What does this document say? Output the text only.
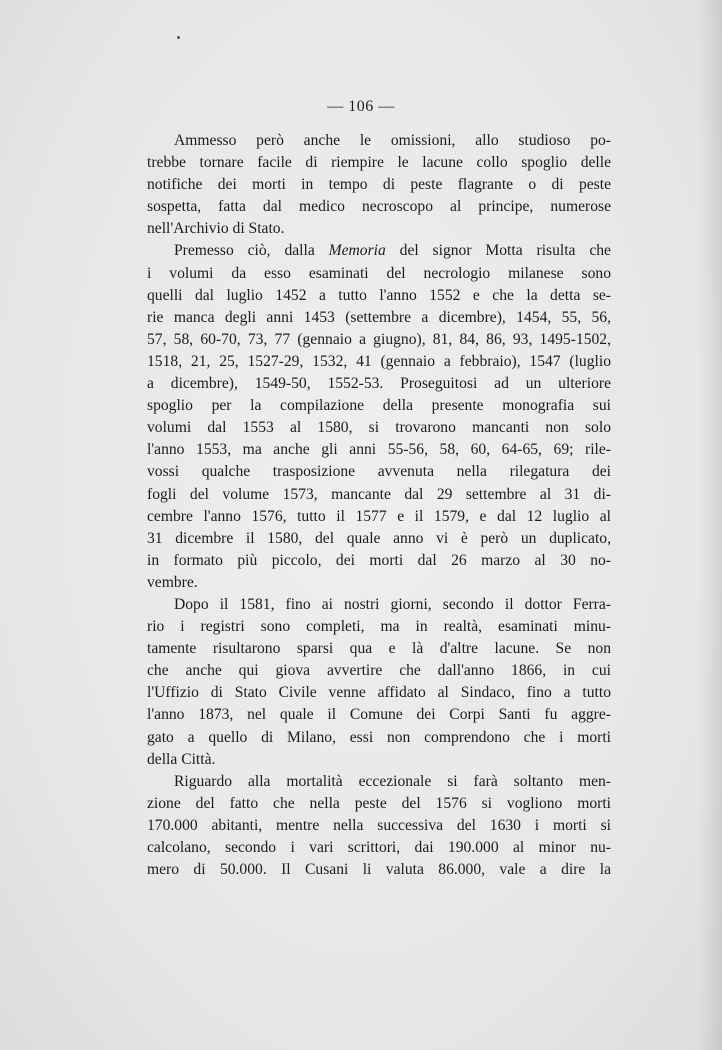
— 106 —
Ammesso però anche le omissioni, allo studioso po-
trebbe tornare facile di riempire le lacune collo spoglio delle
notifiche dei morti in tempo di peste flagrante o di peste
sospetta, fatta dal medico necroscopo al principe, numerose
nell'Archivio di Stato.
Premesso ciò, dalla Memoria del signor Motta risulta che
i volumi da esso esaminati del necrologio milanese sono
quelli dal luglio 1452 a tutto l'anno 1552 e che la detta se-
rie manca degli anni 1453 (settembre a dicembre), 1454, 55, 56,
57, 58, 60-70, 73, 77 (gennaio a giugno), 81, 84, 86, 93, 1495-1502,
1518, 21, 25, 1527-29, 1532, 41 (gennaio a febbraio), 1547 (luglio
a dicembre), 1549-50, 1552-53. Proseguitosi ad un ulteriore
spoglio per la compilazione della presente monografia sui
volumi dal 1553 al 1580, si trovarono mancanti non solo
l'anno 1553, ma anche gli anni 55-56, 58, 60, 64-65, 69; rile-
vossi qualche trasposizione avvenuta nella rilegatura dei
fogli del volume 1573, mancante dal 29 settembre al 31 di-
cembre l'anno 1576, tutto il 1577 e il 1579, e dal 12 luglio al
31 dicembre il 1580, del quale anno vi è però un duplicato,
in formato più piccolo, dei morti dal 26 marzo al 30 no-
vembre.
Dopo il 1581, fino ai nostri giorni, secondo il dottor Ferra-
rio i registri sono completi, ma in realtà, esaminati minu-
tamente risultarono sparsi qua e là d'altre lacune. Se non
che anche qui giova avvertire che dall'anno 1866, in cui
l'Uffizio di Stato Civile venne affidato al Sindaco, fino a tutto
l'anno 1873, nel quale il Comune dei Corpi Santi fu aggre-
gato a quello di Milano, essi non comprendono che i morti
della Città.
Riguardo alla mortalità eccezionale si farà soltanto men-
zione del fatto che nella peste del 1576 si vogliono morti
170.000 abitanti, mentre nella successiva del 1630 i morti si
calcolano, secondo i vari scrittori, dai 190.000 al minor nu-
mero di 50.000. Il Cusani li valuta 86.000, vale a dire la
